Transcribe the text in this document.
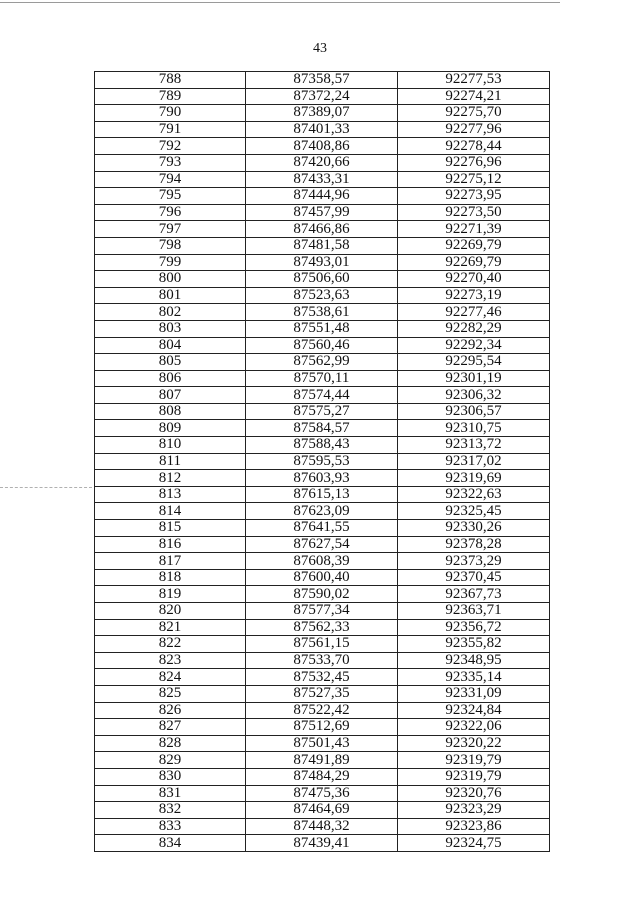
43
788	87358,57	92277,53
789	87372,24	92274,21
790	87389,07	92275,70
791	87401,33	92277,96
792	87408,86	92278,44
793	87420,66	92276,96
794	87433,31	92275,12
795	87444,96	92273,95
796	87457,99	92273,50
797	87466,86	92271,39
798	87481,58	92269,79
799	87493,01	92269,79
800	87506,60	92270,40
801	87523,63	92273,19
802	87538,61	92277,46
803	87551,48	92282,29
804	87560,46	92292,34
805	87562,99	92295,54
806	87570,11	92301,19
807	87574,44	92306,32
808	87575,27	92306,57
809	87584,57	92310,75
810	87588,43	92313,72
811	87595,53	92317,02
812	87603,93	92319,69
813	87615,13	92322,63
814	87623,09	92325,45
815	87641,55	92330,26
816	87627,54	92378,28
817	87608,39	92373,29
818	87600,40	92370,45
819	87590,02	92367,73
820	87577,34	92363,71
821	87562,33	92356,72
822	87561,15	92355,82
823	87533,70	92348,95
824	87532,45	92335,14
825	87527,35	92331,09
826	87522,42	92324,84
827	87512,69	92322,06
828	87501,43	92320,22
829	87491,89	92319,79
830	87484,29	92319,79
831	87475,36	92320,76
832	87464,69	92323,29
833	87448,32	92323,86
834	87439,41	92324,75
